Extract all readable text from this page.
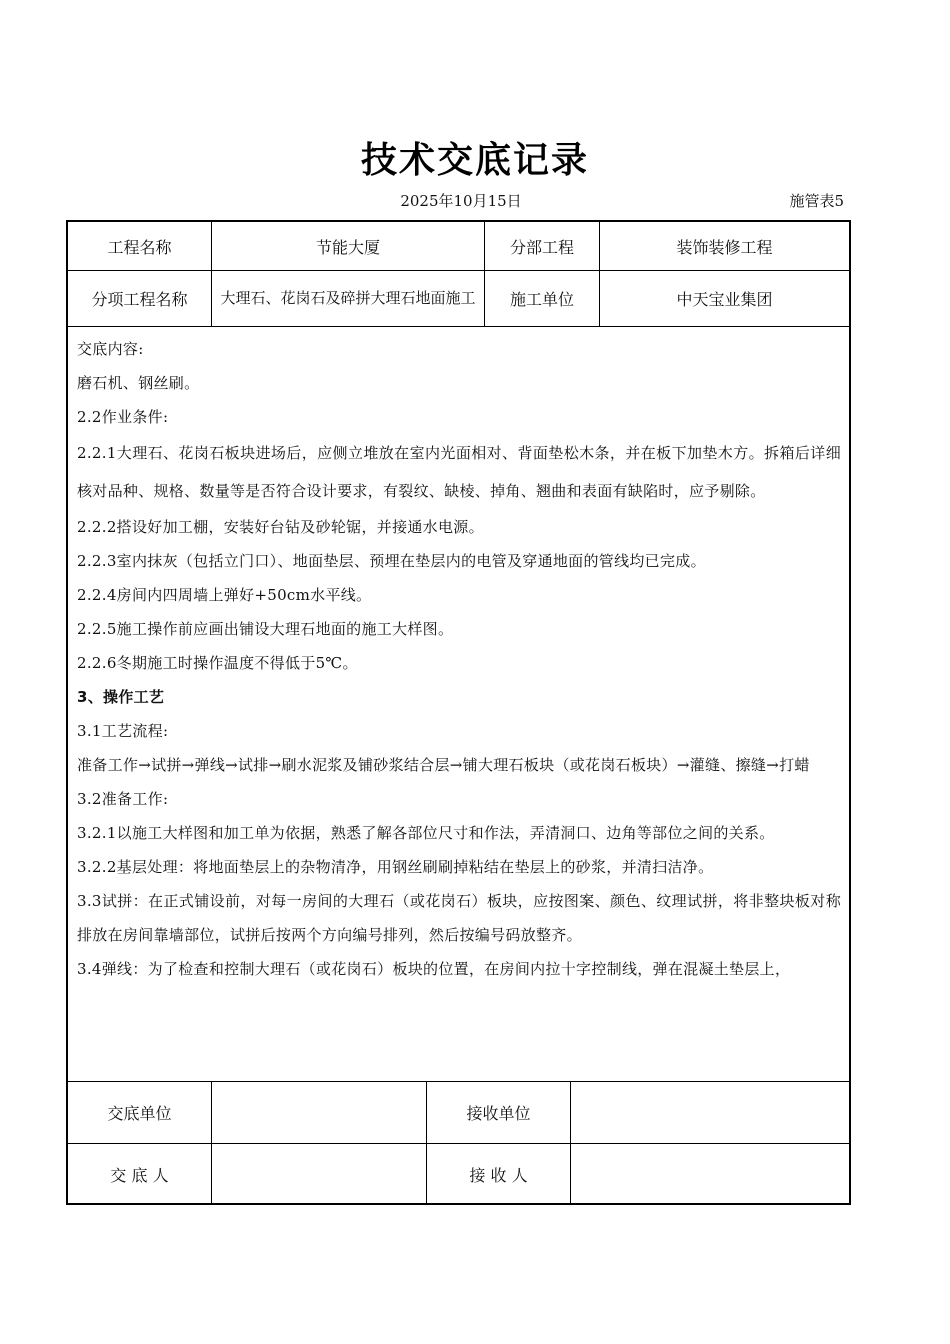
技术交底记录
2025年10月15日	施管表5
工程名称	节能大厦	分部工程	装饰装修工程
分项工程名称	大理石、花岗石及碎拼大理石地面施工	施工单位	中天宝业集团
交底内容:
磨石机、钢丝刷。
2.2作业条件:
2.2.1大理石、花岗石板块进场后，应侧立堆放在室内光面相对、背面垫松木条，并在板下加垫木方。拆箱后详细核对品种、规格、数量等是否符合设计要求，有裂纹、缺棱、掉角、翘曲和表面有缺陷时，应予剔除。
2.2.2搭设好加工棚，安装好台钻及砂轮锯，并接通水电源。
2.2.3室内抹灰（包括立门口）、地面垫层、预埋在垫层内的电管及穿通地面的管线均已完成。
2.2.4房间内四周墙上弹好+50cm水平线。
2.2.5施工操作前应画出铺设大理石地面的施工大样图。
2.2.6冬期施工时操作温度不得低于5℃。
3、操作工艺
3.1工艺流程:
准备工作→试拼→弹线→试排→刷水泥浆及铺砂浆结合层→铺大理石板块（或花岗石板块）→灌缝、擦缝→打蜡
3.2准备工作:
3.2.1以施工大样图和加工单为依据，熟悉了解各部位尺寸和作法，弄清洞口、边角等部位之间的关系。
3.2.2基层处理：将地面垫层上的杂物清净，用钢丝刷刷掉粘结在垫层上的砂浆，并清扫洁净。
3.3试拼：在正式铺设前，对每一房间的大理石（或花岗石）板块，应按图案、颜色、纹理试拼，将非整块板对称排放在房间靠墙部位，试拼后按两个方向编号排列，然后按编号码放整齐。
3.4弹线：为了检查和控制大理石（或花岗石）板块的位置，在房间内拉十字控制线，弹在混凝土垫层上，
交底单位	接收单位
交 底 人	接 收 人
